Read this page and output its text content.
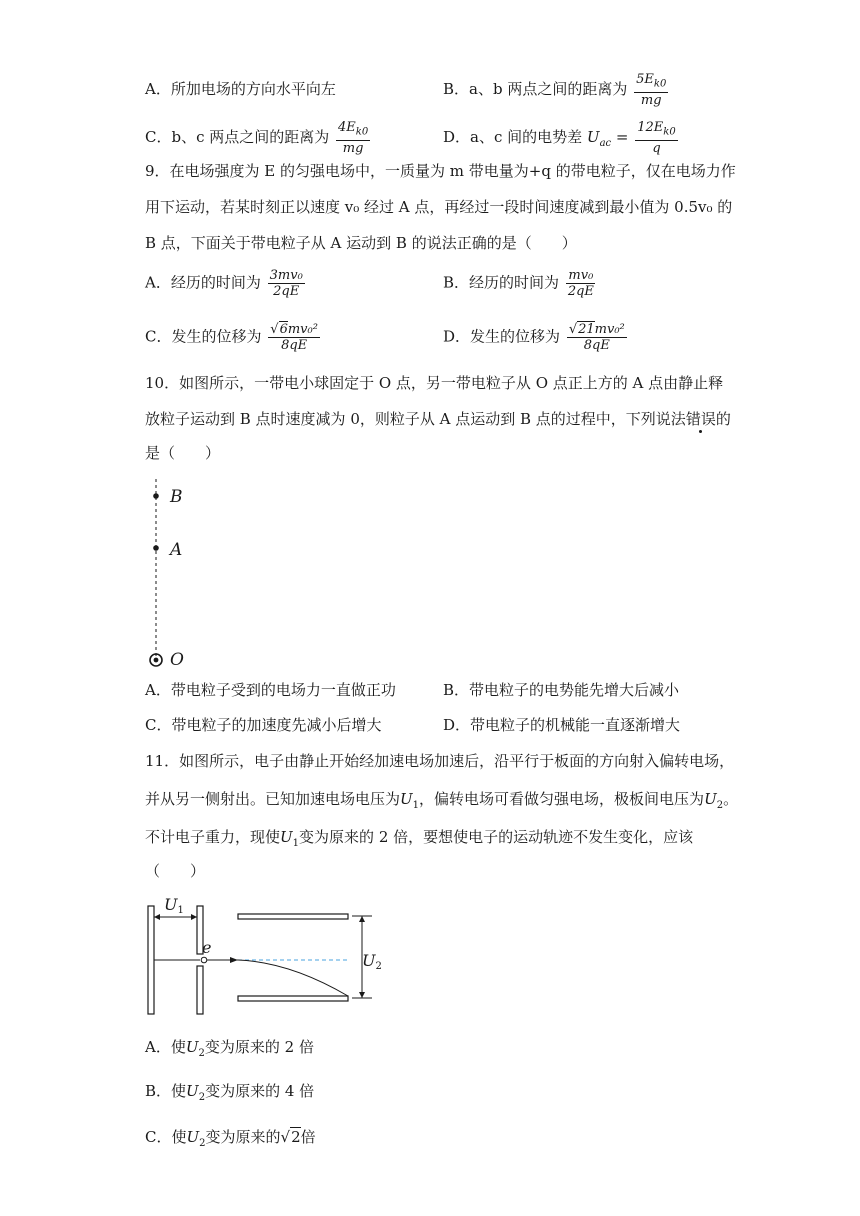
A．所加电场的方向水平向左	B．a、b 两点之间的距离为 $\frac{5E_{k0}}{mg}$
C．b、c 两点之间的距离为 $\frac{4E_{k0}}{mg}$	D．a、c 间的电势差 $U_{ac} = \frac{12E_{k0}}{q}$
9．在电场强度为 E 的匀强电场中，一质量为 m 带电量为+q 的带电粒子，仅在电场力作
用下运动，若某时刻正以速度 v₀ 经过 A 点，再经过一段时间速度减到最小值为 0.5v₀ 的
B 点，下面关于带电粒子从 A 运动到 B 的说法正确的是（　　）
A．经历的时间为 $\frac{\text{3mv₀}}{2qE}$	B．经历的时间为 $\frac{\text{mv₀}}{2qE}$
C．发生的位移为 $\frac{\text{√6mv₀²}}{8qE}$	D．发生的位移为 $\frac{\text{√21mv₀²}}{8qE}$
10．如图所示，一带电小球固定于 O 点，另一带电粒子从 O 点正上方的 A 点由静止释
放粒子运动到 B 点时速度减为 0，则粒子从 A 点运动到 B 点的过程中，下列说法错误的
是（　　）
B
A
O
A．带电粒子受到的电场力一直做正功	B．带电粒子的电势能先增大后减小
C．带电粒子的加速度先减小后增大	D．带电粒子的机械能一直逐渐增大
11．如图所示，电子由静止开始经加速电场加速后，沿平行于板面的方向射入偏转电场，
并从另一侧射出。已知加速电场电压为$U_1$，偏转电场可看做匀强电场，极板间电压为$U_2$。
不计电子重力，现使$U_1$变为原来的 2 倍，要想使电子的运动轨迹不发生变化，应该
（　　）
U1
e
U2
A．使$U_2$变为原来的 2 倍
B．使$U_2$变为原来的 4 倍
C．使$U_2$变为原来的√2倍
